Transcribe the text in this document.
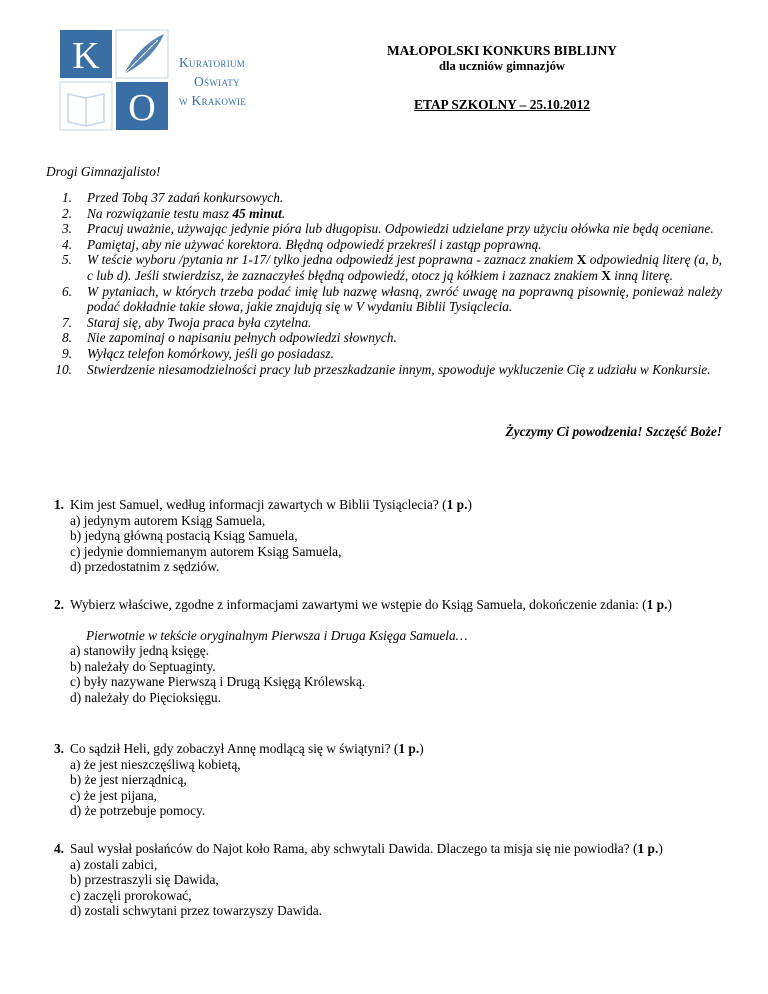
K
O
Kuratorium
Oświaty
w Krakowie
MAŁOPOLSKI KONKURS BIBLIJNY
dla uczniów gimnazjów
ETAP SZKOLNY – 25.10.2012
Drogi Gimnazjalisto!
1. Przed Tobą 37 zadań konkursowych.
2. Na rozwiązanie testu masz 45 minut.
3. Pracuj uważnie, używając jedynie pióra lub długopisu. Odpowiedzi udzielane przy użyciu ołówka nie będą oceniane.
4. Pamiętaj, aby nie używać korektora. Błędną odpowiedź przekreśl i zastąp poprawną.
5. W teście wyboru /pytania nr 1-17/ tylko jedna odpowiedź jest poprawna - zaznacz znakiem X odpowiednią literę (a, b, c lub d). Jeśli stwierdzisz, że zaznaczyłeś błędną odpowiedź, otocz ją kółkiem i zaznacz znakiem X inną literę.
6. W pytaniach, w których trzeba podać imię lub nazwę własną, zwróć uwagę na poprawną pisownię, ponieważ należy podać dokładnie takie słowa, jakie znajdują się w V wydaniu Biblii Tysiąclecia.
7. Staraj się, aby Twoja praca była czytelna.
8. Nie zapominaj o napisaniu pełnych odpowiedzi słownych.
9. Wyłącz telefon komórkowy, jeśli go posiadasz.
10. Stwierdzenie niesamodzielności pracy lub przeszkadzanie innym, spowoduje wykluczenie Cię z udziału w Konkursie.
Życzymy Ci powodzenia! Szczęść Boże!
1. Kim jest Samuel, według informacji zawartych w Biblii Tysiąclecia? (1 p.)
a) jedynym autorem Ksiąg Samuela,
b) jedyną główną postacią Ksiąg Samuela,
c) jedynie domniemanym autorem Ksiąg Samuela,
d) przedostatnim z sędziów.
2. Wybierz właściwe, zgodne z informacjami zawartymi we wstępie do Ksiąg Samuela, dokończenie zdania: (1 p.)
Pierwotnie w tekście oryginalnym Pierwsza i Druga Księga Samuela…
a) stanowiły jedną księgę.
b) należały do Septuaginty.
c) były nazywane Pierwszą i Drugą Księgą Królewską.
d) należały do Pięcioksięgu.
3. Co sądził Heli, gdy zobaczył Annę modlącą się w świątyni? (1 p.)
a) że jest nieszczęśliwą kobietą,
b) że jest nierządnicą,
c) że jest pijana,
d) że potrzebuje pomocy.
4. Saul wysłał posłańców do Najot koło Rama, aby schwytali Dawida. Dlaczego ta misja się nie powiodła? (1 p.)
a) zostali zabici,
b) przestraszyli się Dawida,
c) zaczęli prorokować,
d) zostali schwytani przez towarzyszy Dawida.
